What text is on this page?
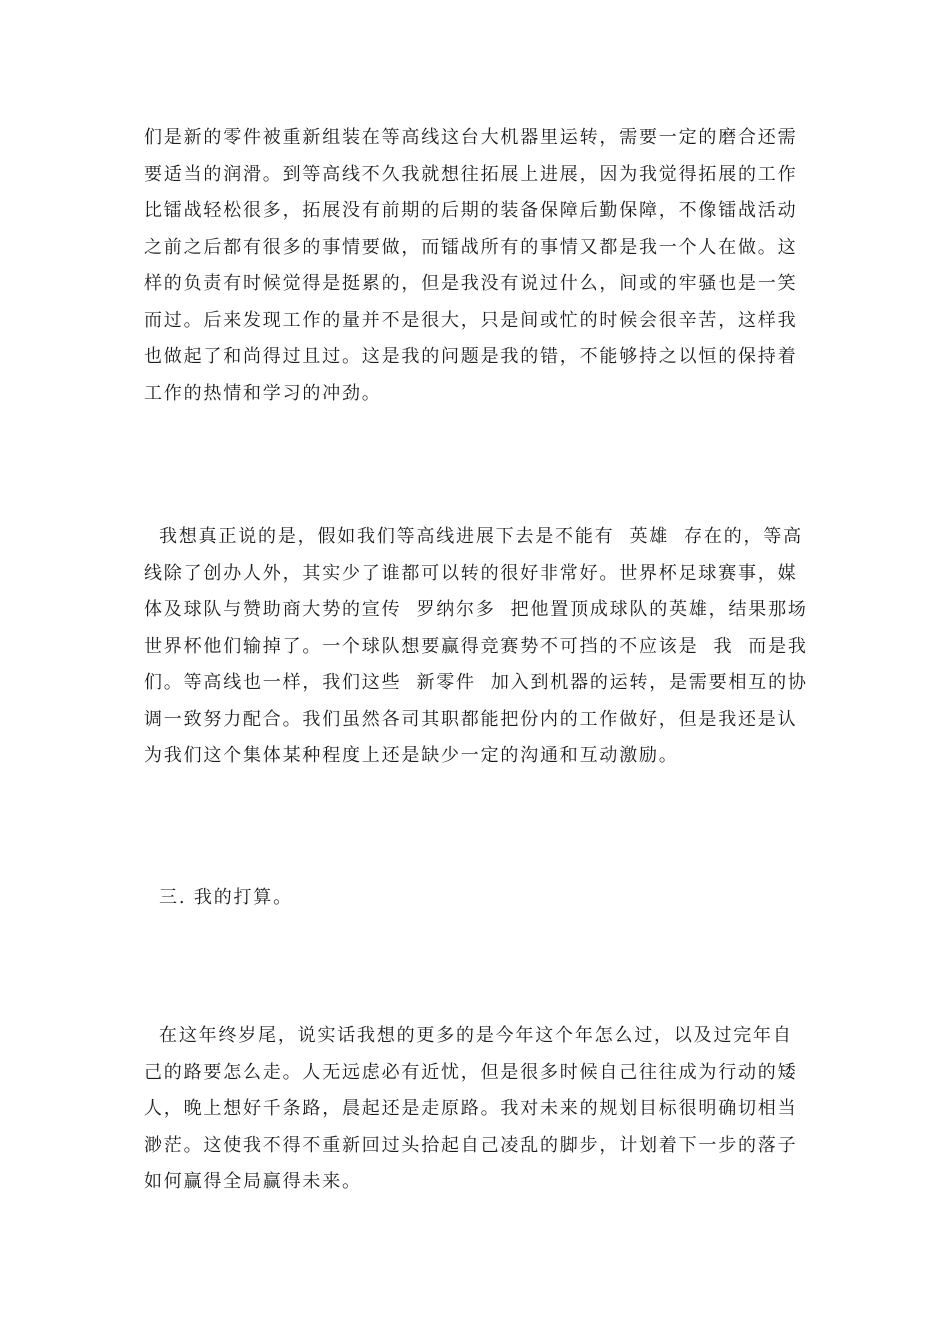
们是新的零件被重新组装在等高线这台大机器里运转，需要一定的磨合还需要适当的润滑。到等高线不久我就想往拓展上进展，因为我觉得拓展的工作比镭战轻松很多，拓展没有前期的后期的装备保障后勤保障，不像镭战活动之前之后都有很多的事情要做，而镭战所有的事情又都是我一个人在做。这样的负责有时候觉得是挺累的，但是我没有说过什么，间或的牢骚也是一笑而过。后来发现工作的量并不是很大，只是间或忙的时候会很辛苦，这样我也做起了和尚得过且过。这是我的问题是我的错，不能够持之以恒的保持着工作的热情和学习的冲劲。

我想真正说的是，假如我们等高线进展下去是不能有  英雄  存在的，等高线除了创办人外，其实少了谁都可以转的很好非常好。世界杯足球赛事，媒体及球队与赞助商大势的宣传  罗纳尔多  把他置顶成球队的英雄，结果那场世界杯他们输掉了。一个球队想要赢得竞赛势不可挡的不应该是  我  而是我们。等高线也一样，我们这些  新零件  加入到机器的运转，是需要相互的协调一致努力配合。我们虽然各司其职都能把份内的工作做好，但是我还是认为我们这个集体某种程度上还是缺少一定的沟通和互动激励。

三. 我的打算。

在这年终岁尾，说实话我想的更多的是今年这个年怎么过，以及过完年自己的路要怎么走。人无远虑必有近忧，但是很多时候自己往往成为行动的矮人，晚上想好千条路，晨起还是走原路。我对未来的规划目标很明确切相当渺茫。这使我不得不重新回过头拾起自己凌乱的脚步，计划着下一步的落子如何赢得全局赢得未来。
